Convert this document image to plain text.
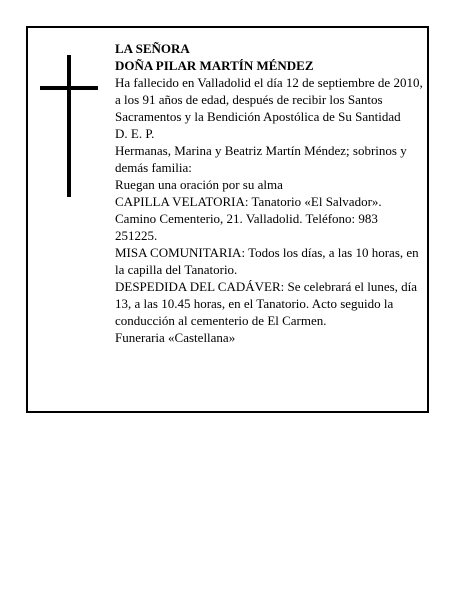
LA SEÑORA

DOÑA PILAR MARTÍN MÉNDEZ

Ha fallecido en Valladolid el día 12 de septiembre de 2010, a los 91 años de edad, después de recibir los Santos Sacramentos y la Bendición Apostólica de Su Santidad

D. E. P.

Hermanas, Marina y Beatriz Martín Méndez; sobrinos y demás familia:

Ruegan una oración por su alma

CAPILLA VELATORIA: Tanatorio «El Salvador». Camino Cementerio, 21. Valladolid. Teléfono: 983 251225.

MISA COMUNITARIA: Todos los días, a las 10 horas, en la capilla del Tanatorio.

DESPEDIDA DEL CADÁVER: Se celebrará el lunes, día 13, a las 10.45 horas, en el Tanatorio. Acto seguido la conducción al cementerio de El Carmen.

Funeraria «Castellana»
